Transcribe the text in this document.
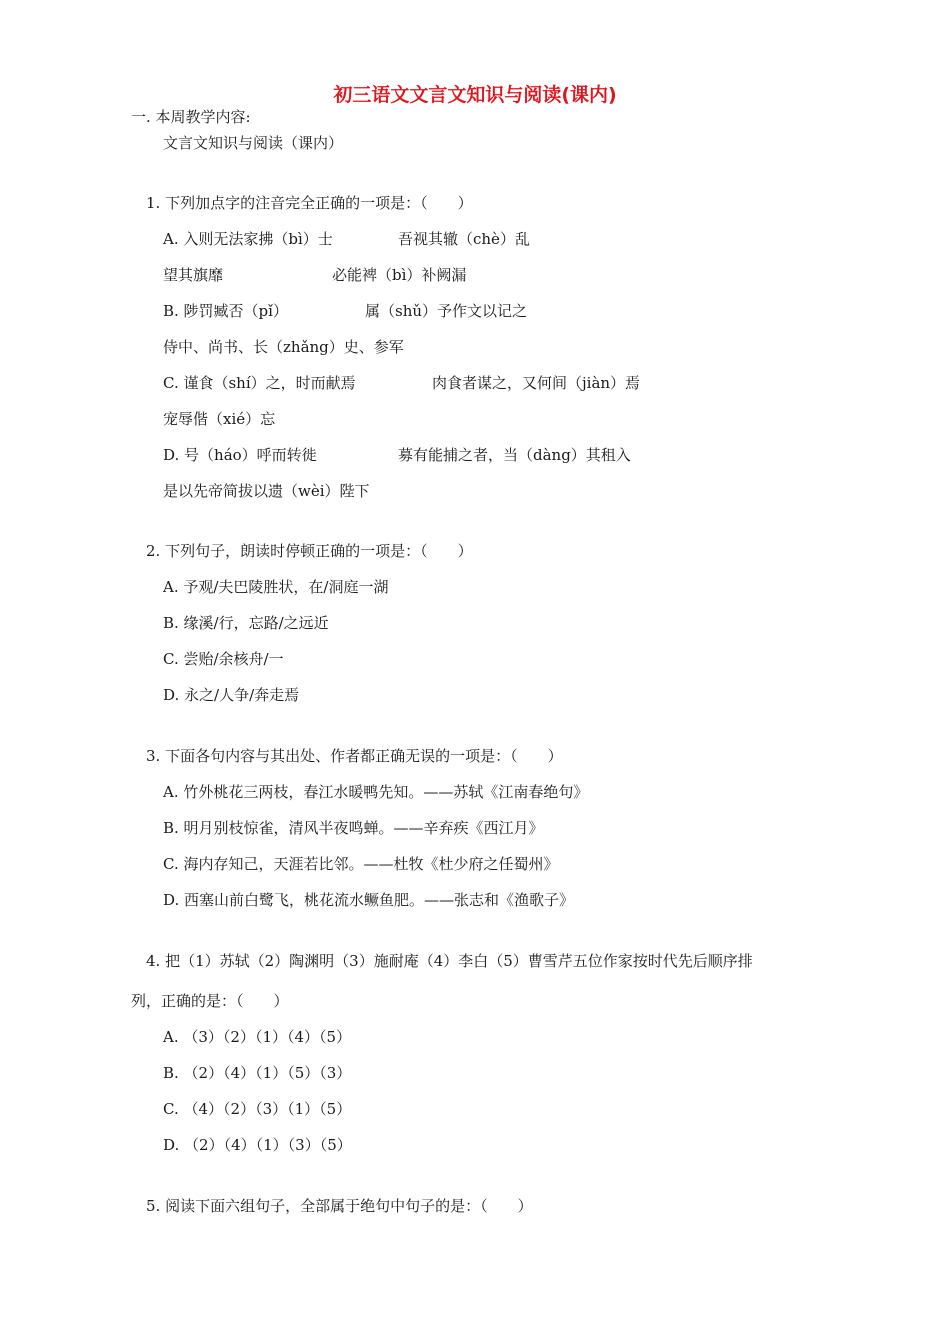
初三语文文言文知识与阅读(课内)
一. 本周教学内容:
文言文知识与阅读（课内）
1. 下列加点字的注音完全正确的一项是：（　　）
A. 入则无法家拂（bì）士	吾视其辙（chè）乱
望其旗靡	必能裨（bì）补阙漏
B. 陟罚臧否（pǐ）	属（shǔ）予作文以记之
侍中、尚书、长（zhǎng）史、参军
C. 谨食（shí）之，时而献焉	肉食者谋之，又何间（jiàn）焉
宠辱偕（xié）忘
D. 号（háo）呼而转徙	募有能捕之者，当（dàng）其租入
是以先帝简拔以遗（wèi）陛下
2. 下列句子，朗读时停顿正确的一项是：（　　）
A. 予观/夫巴陵胜状，在/洞庭一湖
B. 缘溪/行，忘路/之远近
C. 尝贻/余核舟/一
D. 永之/人争/奔走焉
3. 下面各句内容与其出处、作者都正确无误的一项是：（　　）
A. 竹外桃花三两枝，春江水暖鸭先知。——苏轼《江南春绝句》
B. 明月别枝惊雀，清风半夜鸣蝉。——辛弃疾《西江月》
C. 海内存知己，天涯若比邻。——杜牧《杜少府之任蜀州》
D. 西塞山前白鹭飞，桃花流水鳜鱼肥。——张志和《渔歌子》
4. 把（1）苏轼（2）陶渊明（3）施耐庵（4）李白（5）曹雪芹五位作家按时代先后顺序排
列，正确的是：（　　）
A. （3）（2）（1）（4）（5）
B. （2）（4）（1）（5）（3）
C. （4）（2）（3）（1）（5）
D. （2）（4）（1）（3）（5）
5. 阅读下面六组句子，全部属于绝句中句子的是：（　　）
